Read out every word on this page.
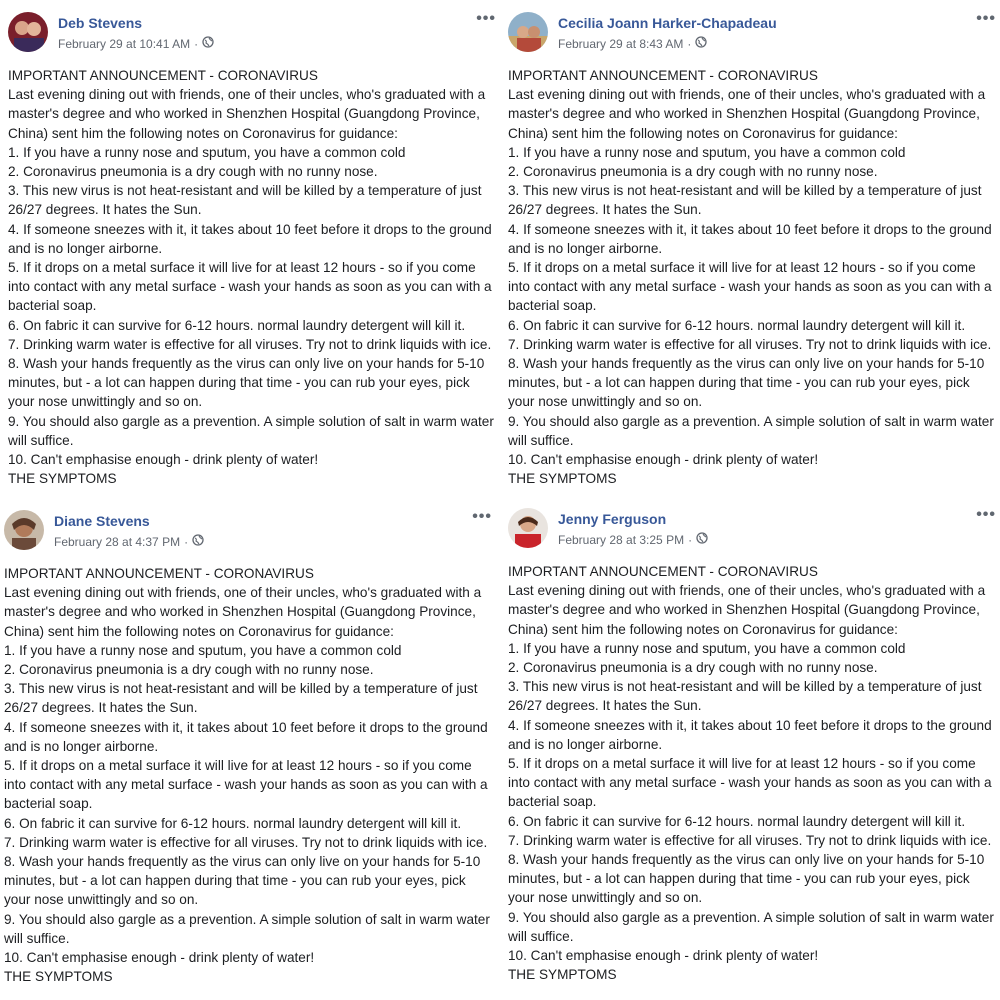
Deb Stevens
February 29 at 10:41 AM ·
•••
IMPORTANT ANNOUNCEMENT - CORONAVIRUS
Last evening dining out with friends, one of their uncles, who's graduated with a master's degree and who worked in Shenzhen Hospital (Guangdong Province, China) sent him the following notes on Coronavirus for guidance:
1. If you have a runny nose and sputum, you have a common cold
2. Coronavirus pneumonia is a dry cough with no runny nose.
3. This new virus is not heat-resistant and will be killed by a temperature of just 26/27 degrees. It hates the Sun.
4. If someone sneezes with it, it takes about 10 feet before it drops to the ground and is no longer airborne.
5. If it drops on a metal surface it will live for at least 12 hours - so if you come into contact with any metal surface - wash your hands as soon as you can with a bacterial soap.
6. On fabric it can survive for 6-12 hours. normal laundry detergent will kill it.
7. Drinking warm water is effective for all viruses. Try not to drink liquids with ice.
8. Wash your hands frequently as the virus can only live on your hands for 5-10 minutes, but - a lot can happen during that time - you can rub your eyes, pick your nose unwittingly and so on.
9. You should also gargle as a prevention. A simple solution of salt in warm water will suffice.
10. Can't emphasise enough - drink plenty of water!
THE SYMPTOMS
Cecilia Joann Harker-Chapadeau
February 29 at 8:43 AM ·
•••
IMPORTANT ANNOUNCEMENT - CORONAVIRUS
Last evening dining out with friends, one of their uncles, who's graduated with a master's degree and who worked in Shenzhen Hospital (Guangdong Province, China) sent him the following notes on Coronavirus for guidance:
1. If you have a runny nose and sputum, you have a common cold
2. Coronavirus pneumonia is a dry cough with no runny nose.
3. This new virus is not heat-resistant and will be killed by a temperature of just 26/27 degrees. It hates the Sun.
4. If someone sneezes with it, it takes about 10 feet before it drops to the ground and is no longer airborne.
5. If it drops on a metal surface it will live for at least 12 hours - so if you come into contact with any metal surface - wash your hands as soon as you can with a bacterial soap.
6. On fabric it can survive for 6-12 hours. normal laundry detergent will kill it.
7. Drinking warm water is effective for all viruses. Try not to drink liquids with ice.
8. Wash your hands frequently as the virus can only live on your hands for 5-10 minutes, but - a lot can happen during that time - you can rub your eyes, pick your nose unwittingly and so on.
9. You should also gargle as a prevention. A simple solution of salt in warm water will suffice.
10. Can't emphasise enough - drink plenty of water!
THE SYMPTOMS
Diane Stevens
February 28 at 4:37 PM ·
•••
IMPORTANT ANNOUNCEMENT - CORONAVIRUS
Last evening dining out with friends, one of their uncles, who's graduated with a master's degree and who worked in Shenzhen Hospital (Guangdong Province, China) sent him the following notes on Coronavirus for guidance:
1. If you have a runny nose and sputum, you have a common cold
2. Coronavirus pneumonia is a dry cough with no runny nose.
3. This new virus is not heat-resistant and will be killed by a temperature of just 26/27 degrees. It hates the Sun.
4. If someone sneezes with it, it takes about 10 feet before it drops to the ground and is no longer airborne.
5. If it drops on a metal surface it will live for at least 12 hours - so if you come into contact with any metal surface - wash your hands as soon as you can with a bacterial soap.
6. On fabric it can survive for 6-12 hours. normal laundry detergent will kill it.
7. Drinking warm water is effective for all viruses. Try not to drink liquids with ice.
8. Wash your hands frequently as the virus can only live on your hands for 5-10 minutes, but - a lot can happen during that time - you can rub your eyes, pick your nose unwittingly and so on.
9. You should also gargle as a prevention. A simple solution of salt in warm water will suffice.
10. Can't emphasise enough - drink plenty of water!
THE SYMPTOMS
Jenny Ferguson
February 28 at 3:25 PM ·
•••
IMPORTANT ANNOUNCEMENT - CORONAVIRUS
Last evening dining out with friends, one of their uncles, who's graduated with a master's degree and who worked in Shenzhen Hospital (Guangdong Province, China) sent him the following notes on Coronavirus for guidance:
1. If you have a runny nose and sputum, you have a common cold
2. Coronavirus pneumonia is a dry cough with no runny nose.
3. This new virus is not heat-resistant and will be killed by a temperature of just 26/27 degrees. It hates the Sun.
4. If someone sneezes with it, it takes about 10 feet before it drops to the ground and is no longer airborne.
5. If it drops on a metal surface it will live for at least 12 hours - so if you come into contact with any metal surface - wash your hands as soon as you can with a bacterial soap.
6. On fabric it can survive for 6-12 hours. normal laundry detergent will kill it.
7. Drinking warm water is effective for all viruses. Try not to drink liquids with ice.
8. Wash your hands frequently as the virus can only live on your hands for 5-10 minutes, but - a lot can happen during that time - you can rub your eyes, pick your nose unwittingly and so on.
9. You should also gargle as a prevention. A simple solution of salt in warm water will suffice.
10. Can't emphasise enough - drink plenty of water!
THE SYMPTOMS
